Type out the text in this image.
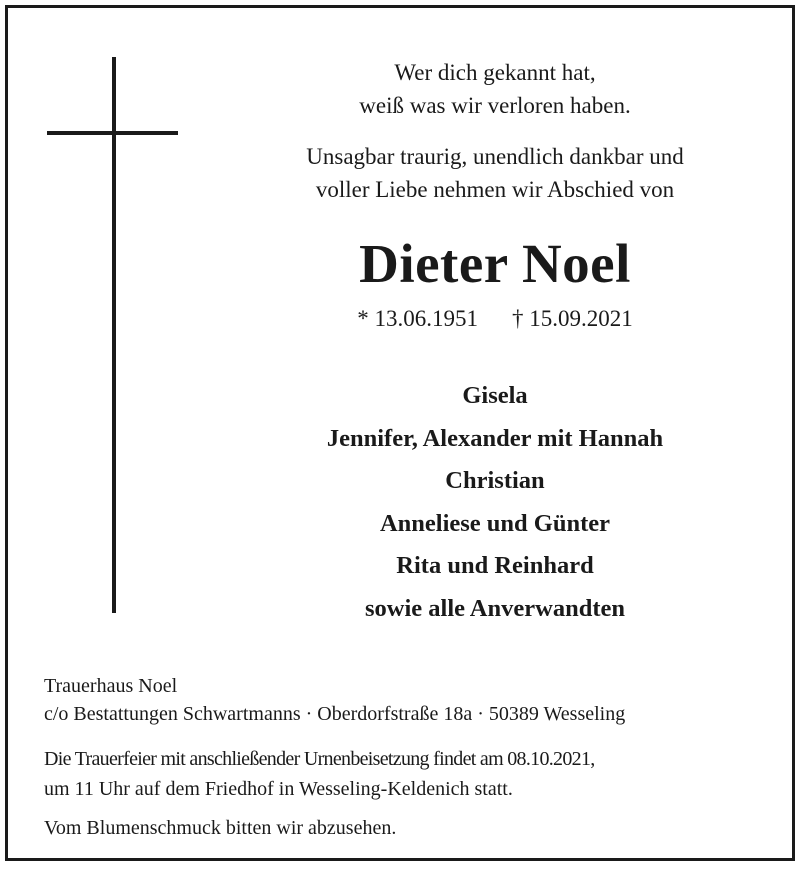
Wer dich gekannt hat,
weiß was wir verloren haben.
Unsagbar traurig, unendlich dankbar und
voller Liebe nehmen wir Abschied von
Dieter Noel
* 13.06.1951 † 15.09.2021
Gisela
Jennifer, Alexander mit Hannah
Christian
Anneliese und Günter
Rita und Reinhard
sowie alle Anverwandten
Trauerhaus Noel
c/o Bestattungen Schwartmanns · Oberdorfstraße 18a · 50389 Wesseling
Die Trauerfeier mit anschließender Urnenbeisetzung findet am 08.10.2021,
um 11 Uhr auf dem Friedhof in Wesseling-Keldenich statt.
Vom Blumenschmuck bitten wir abzusehen.
